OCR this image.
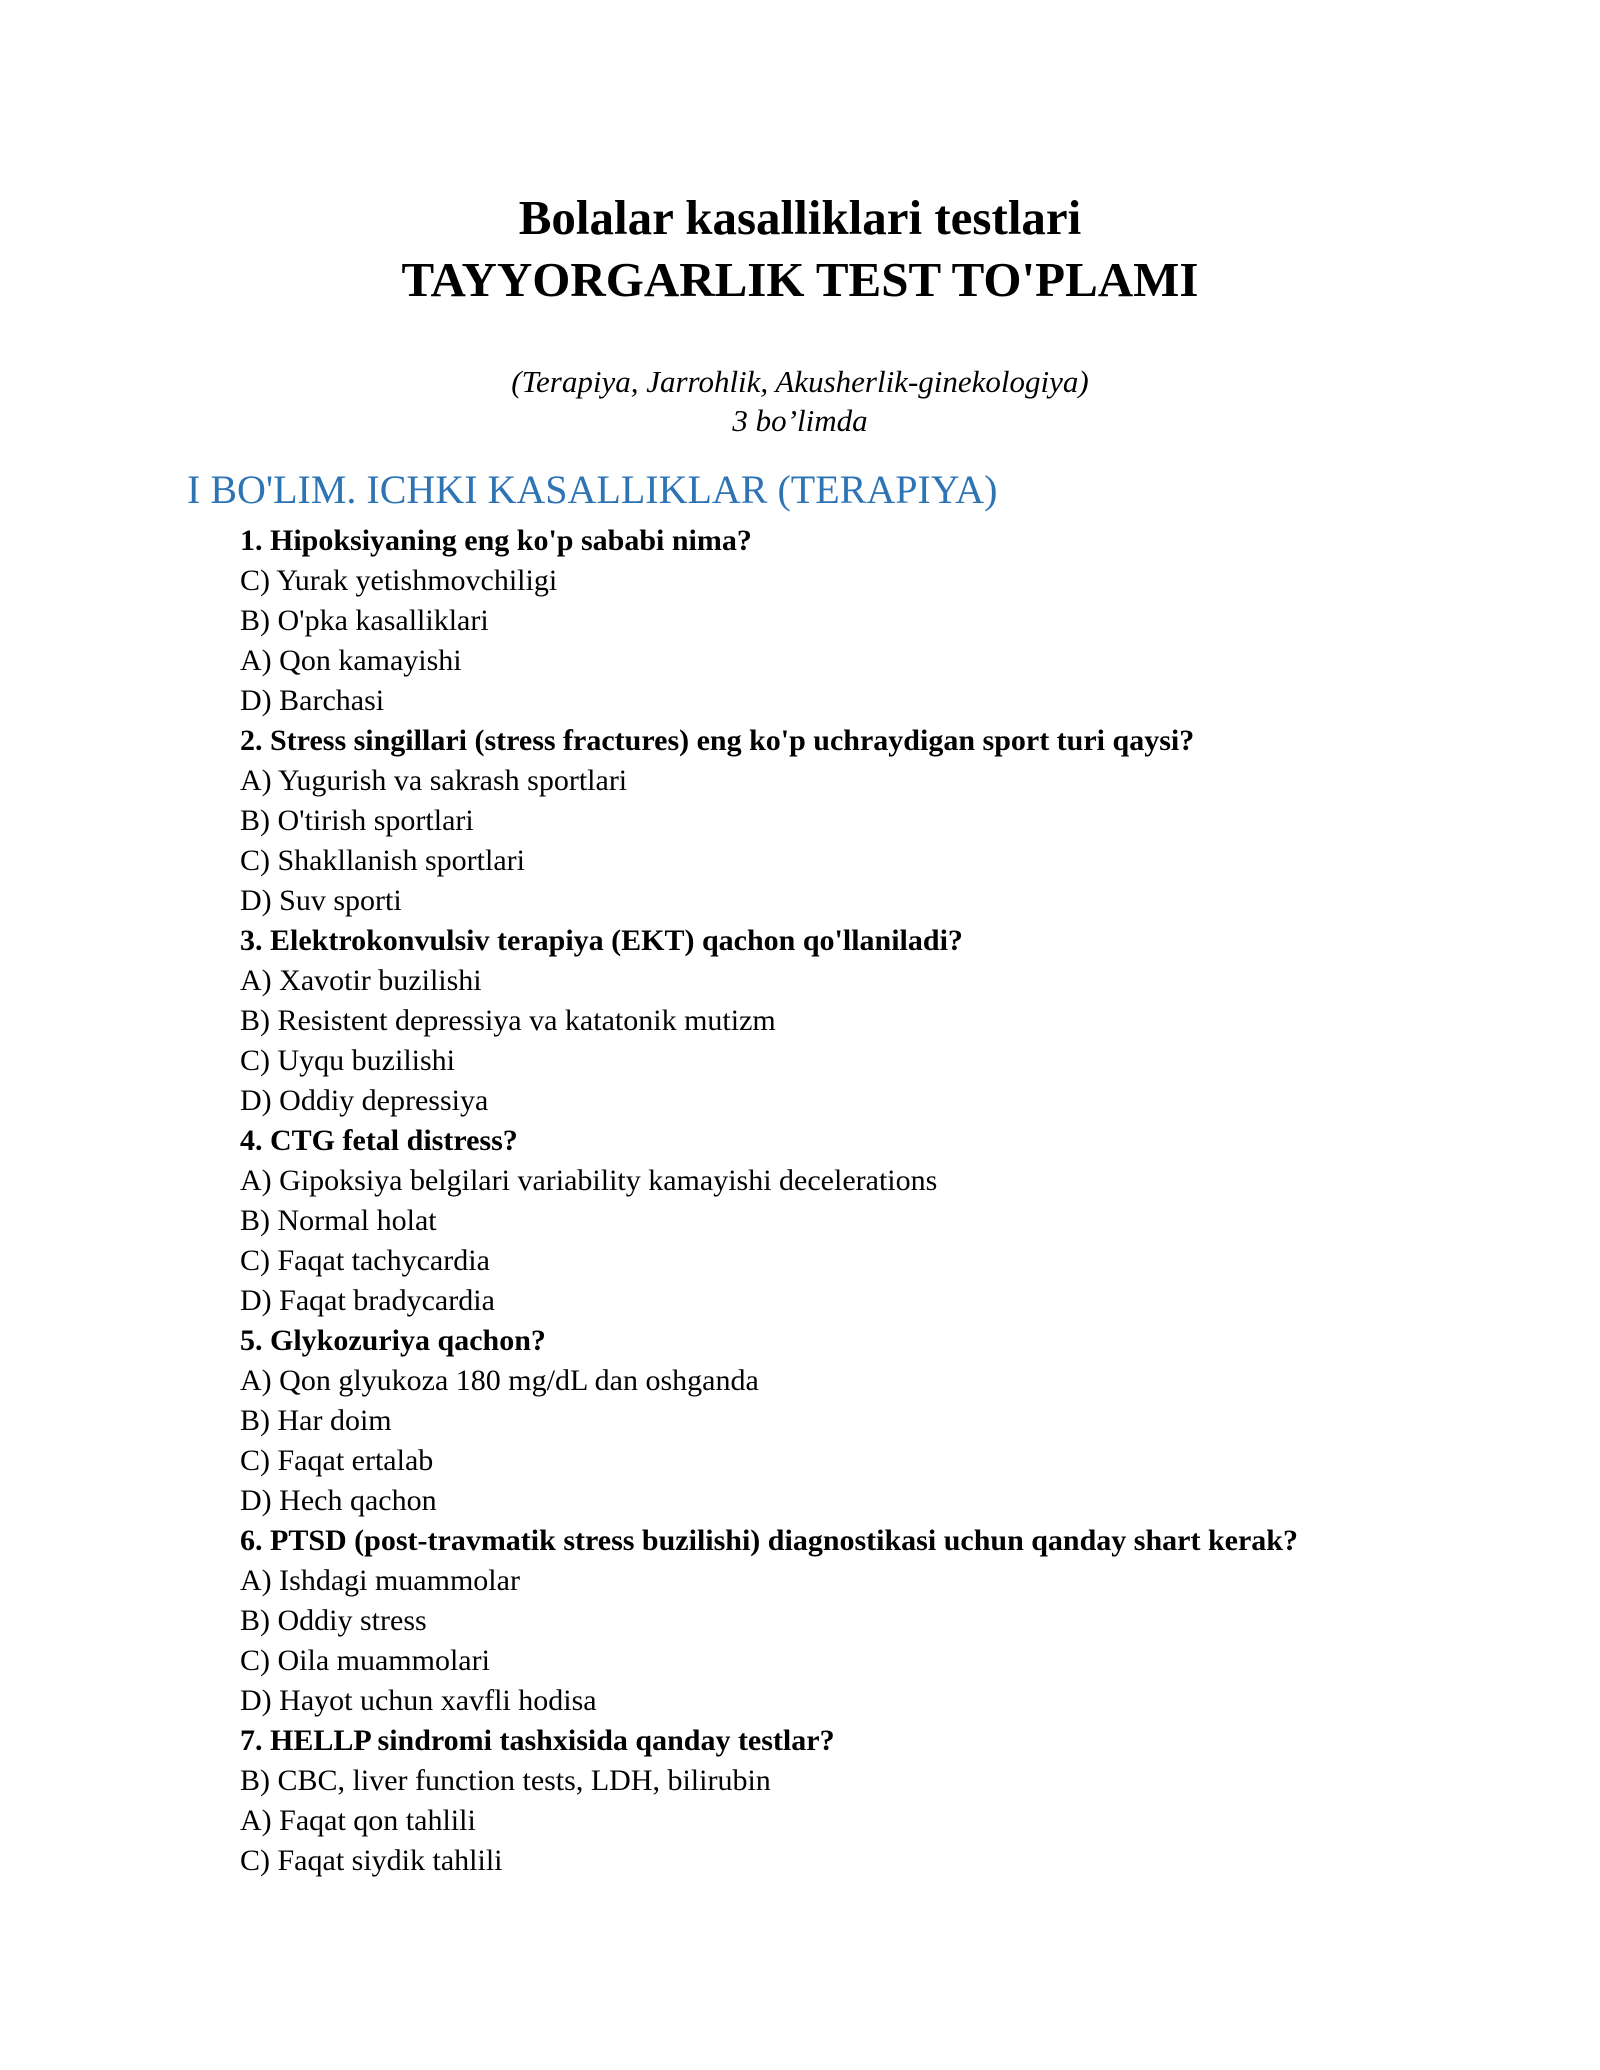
Bolalar kasalliklari testlari
TAYYORGARLIK TEST TO'PLAMI

(Terapiya, Jarrohlik, Akusherlik-ginekologiya)

3 bo’limda

I BO'LIM. ICHKI KASALLIKLAR (TERAPIYA)
1. Hipoksiyaning eng ko'p sababi nima?
C) Yurak yetishmovchiligi
B) O'pka kasalliklari
A) Qon kamayishi
D) Barchasi
2. Stress singillari (stress fractures) eng ko'p uchraydigan sport turi qaysi?
A) Yugurish va sakrash sportlari
B) O'tirish sportlari
C) Shakllanish sportlari
D) Suv sporti
3. Elektrokonvulsiv terapiya (EKT) qachon qo'llaniladi?
A) Xavotir buzilishi
B) Resistent depressiya va katatonik mutizm
C) Uyqu buzilishi
D) Oddiy depressiya
4. CTG fetal distress?
A) Gipoksiya belgilari variability kamayishi decelerations
B) Normal holat
C) Faqat tachycardia
D) Faqat bradycardia
5. Glykozuriya qachon?
A) Qon glyukoza 180 mg/dL dan oshganda
B) Har doim
C) Faqat ertalab
D) Hech qachon
6. PTSD (post-travmatik stress buzilishi) diagnostikasi uchun qanday shart kerak?
A) Ishdagi muammolar
B) Oddiy stress
C) Oila muammolari
D) Hayot uchun xavfli hodisa
7. HELLP sindromi tashxisida qanday testlar?
B) CBC, liver function tests, LDH, bilirubin
A) Faqat qon tahlili
C) Faqat siydik tahlili
